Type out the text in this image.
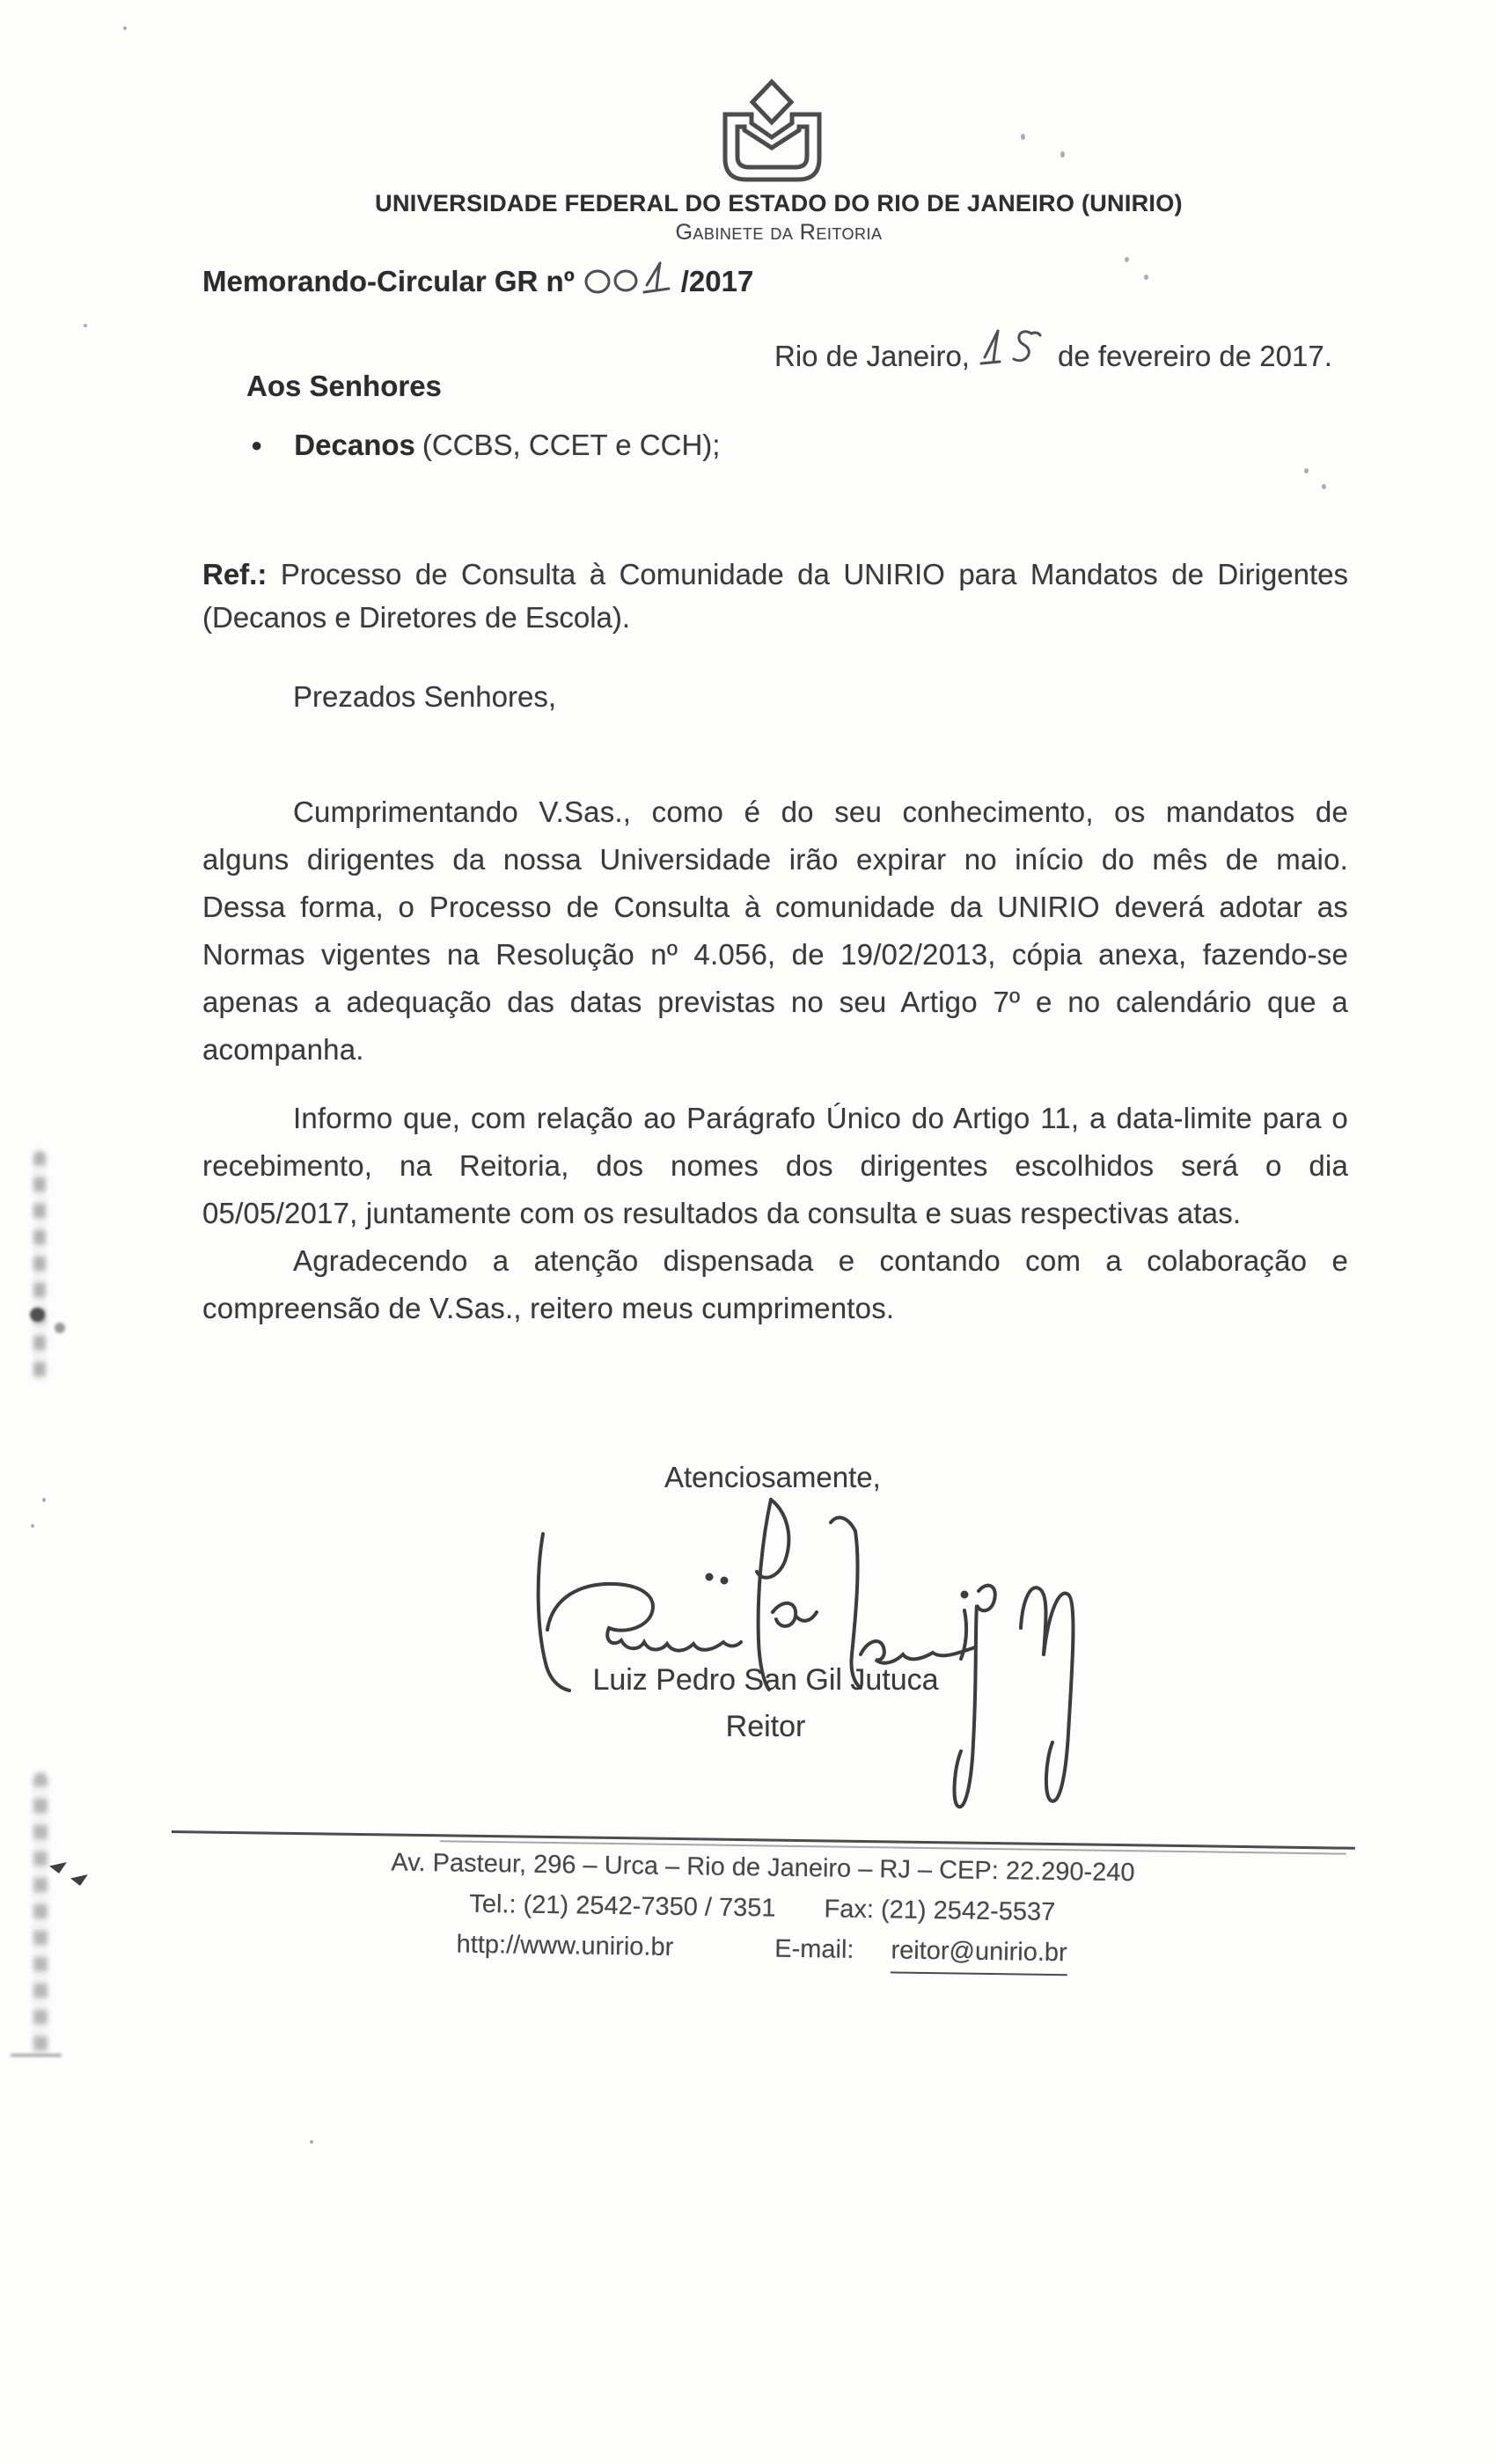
UNIVERSIDADE FEDERAL DO ESTADO DO RIO DE JANEIRO (UNIRIO)
Gabinete da Reitoria
Memorando-Circular GR nº	/2017
Rio de Janeiro,	de fevereiro de 2017.
Aos Senhores
● Decanos (CCBS, CCET e CCH);
Ref.: Processo de Consulta à Comunidade da UNIRIO para Mandatos de Dirigentes
(Decanos e Diretores de Escola).
Prezados Senhores,
Cumprimentando V.Sas., como é do seu conhecimento, os mandatos de
alguns dirigentes da nossa Universidade irão expirar no início do mês de maio.
Dessa forma, o Processo de Consulta à comunidade da UNIRIO deverá adotar as
Normas vigentes na Resolução nº 4.056, de 19/02/2013, cópia anexa, fazendo-se
apenas a adequação das datas previstas no seu Artigo 7º e no calendário que a
acompanha.
Informo que, com relação ao Parágrafo Único do Artigo 11, a data-limite para o
recebimento, na Reitoria, dos nomes dos dirigentes escolhidos será o dia
05/05/2017, juntamente com os resultados da consulta e suas respectivas atas.
Agradecendo a atenção dispensada e contando com a colaboração e
compreensão de V.Sas., reitero meus cumprimentos.
Atenciosamente,
Luiz Pedro San Gil Jutuca
Reitor
Av. Pasteur, 296 – Urca – Rio de Janeiro – RJ – CEP: 22.290-240
Tel.: (21) 2542-7350 / 7351 Fax: (21) 2542-5537
http://www.unirio.br	E-mail: reitor@unirio.br
